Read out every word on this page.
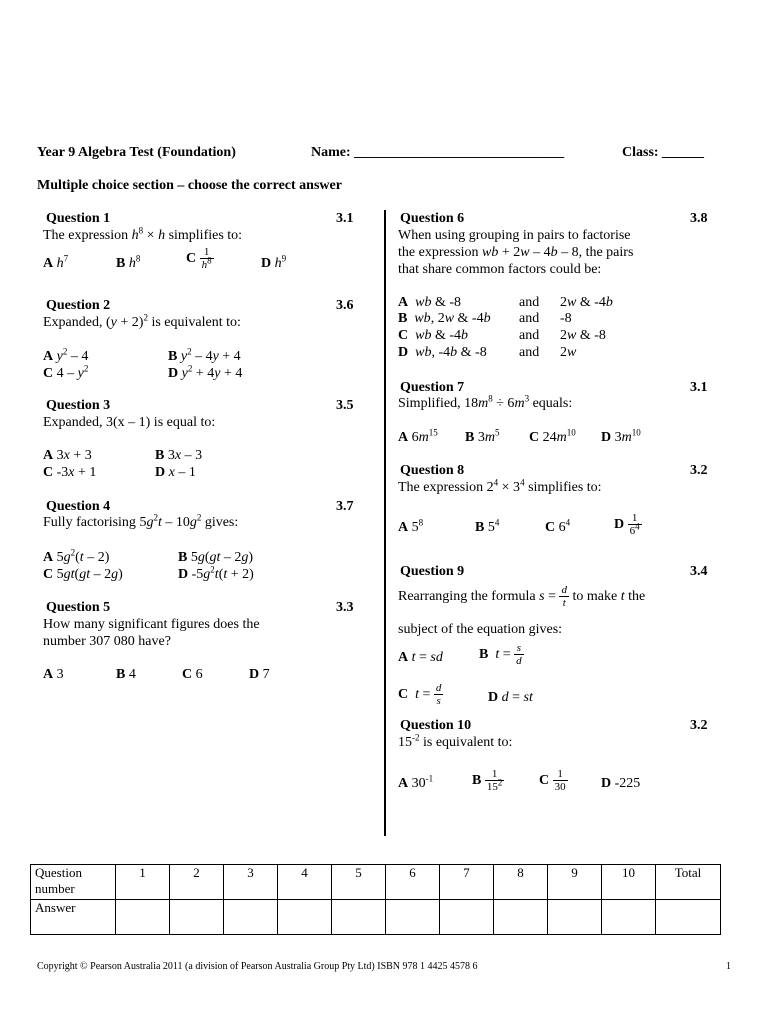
Year 9 Algebra Test (Foundation)	Name: ______________________________	Class: ______
Multiple choice section – choose the correct answer
Question 1	3.1
The expression $h^8 \times h$ simplifies to:
A $h^7$	B $h^8$	C $\frac{1}{h^8}$	D $h^9$
Question 2	3.6
Expanded, $(y + 2)^2$ is equivalent to:
A $y^2 - 4$	B $y^2 - 4y + 4$
C $4 - y^2$	D $y^2 + 4y + 4$
Question 3	3.5
Expanded, 3(x – 1) is equal to:
A 3x + 3	B 3x – 3
C -3x + 1	D x – 1
Question 4	3.7
Fully factorising $5g^2t - 10g^2$ gives:
A $5g^2(t - 2)$	B 5g(gt – 2g)
C 5gt(gt – 2g)	D $-5g^2t(t + 2)$
Question 5	3.3
How many significant figures does the
number 307 080 have?
A 3	B 4	C 6	D 7
Question 6	3.8
When using grouping in pairs to factorise
the expression wb + 2w – 4b – 8, the pairs
that share common factors could be:
A wb & -8	and 2w & -4b
B wb, 2w & -4b and -8
C wb & -4b	and 2w & -8
D wb, -4b & -8 and 2w
Question 7	3.1
Simplified, $18m^8 \div 6m^3$ equals:
A $6m^{15}$ B $3m^5$ C $24m^{10}$ D $3m^{10}$
Question 8	3.2
The expression $2^4 \times 3^4$ simplifies to:
A $5^8$	B $5^4$	C $6^4$	D $\frac{1}{6^4}$
Question 9	3.4
Rearranging the formula $s = \frac{d}{t}$ to make t the
subject of the equation gives:
A t = sd	B $t = \frac{s}{d}$
C $t = \frac{d}{s}$	D d = st
Question 10	3.2
$15^{-2}$ is equivalent to:
A $30^{-1}$	B $\frac{1}{15^2}$ C $\frac{1}{30}$ D -225
Question
number	1	2	3	4	5	6	7	8	9	10	Total
Answer											
Copyright © Pearson Australia 2011 (a division of Pearson Australia Group Pty Ltd) ISBN 978 1 4425 4578 6	1
